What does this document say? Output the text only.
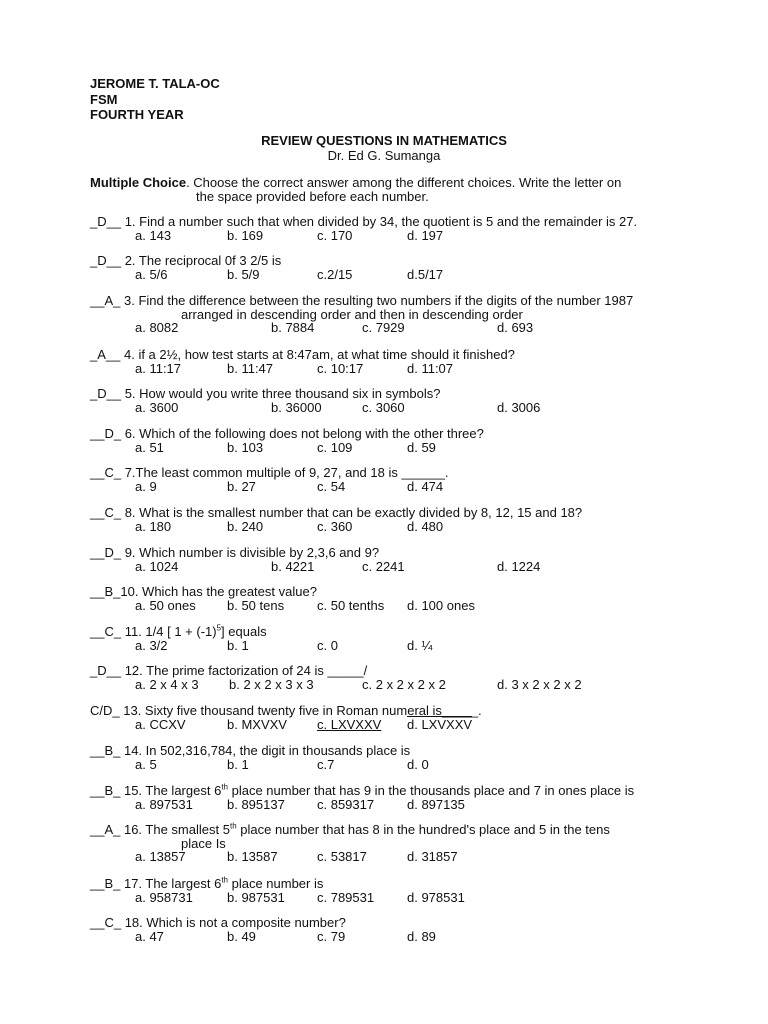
JEROME T. TALA-OC
FSM
FOURTH YEAR
REVIEW QUESTIONS IN MATHEMATICS
Dr. Ed G. Sumanga
Multiple Choice. Choose the correct answer among the different choices. Write the letter on
the space provided before each number.
_D__ 1. Find a number such that when divided by 34, the quotient is 5 and the remainder is 27.
a. 143	b. 169	c. 170	d. 197
_D__ 2. The reciprocal 0f 3 2/5 is
a. 5/6	b. 5/9	c.2/15	d.5/17
__A_ 3. Find the difference between the resulting two numbers if the digits of the number 1987
arranged in descending order and then in descending order
a. 8082	b. 7884	c. 7929	d. 693
_A__ 4. if a 2½, how test starts at 8:47am, at what time should it finished?
a. 11:17	b. 11:47	c. 10:17	d. 11:07
_D__ 5. How would you write three thousand six in symbols?
a. 3600	b. 36000	c. 3060	d. 3006
__D_ 6. Which of the following does not belong with the other three?
a. 51	b. 103	c. 109	d. 59
__C_ 7.The least common multiple of 9, 27, and 18 is ______.
a. 9	b. 27	c. 54	d. 474
__C_ 8. What is the smallest number that can be exactly divided by 8, 12, 15 and 18?
a. 180	b. 240	c. 360	d. 480
__D_ 9. Which number is divisible by 2,3,6 and 9?
a. 1024	b. 4221	c. 2241	d. 1224
__B_10. Which has the greatest value?
a. 50 ones b. 50 tens	c. 50 tenths d. 100 ones
__C_ 11. 1/4 [ $1 + (-1)^5$] equals
a. 3/2	b. 1	c. 0	d. ¼
_D__ 12. The prime factorization of 24 is _____/
a. 2 x 4 x 3 b. 2 x 2 x 3 x 3	c. 2 x 2 x 2 x 2	d. 3 x 2 x 2 x 2
C/D_ 13. Sixty five thousand twenty five in Roman numeral is_____.
a. CCXV	b. MXVXV c. LXVXXV d. LXVXXV
__B_ 14. In 502,316,784, the digit in thousands place is
a. 5	b. 1	c.7	d. 0
__B_ 15. The largest 6th place number that has 9 in the thousands place and 7 in ones place is
a. 897531	b. 895137 c. 859317	d. 897135
__A_ 16. The smallest 5th place number that has 8 in the hundred's place and 5 in the tens
place Is
a. 13857	b. 13587	c. 53817	d. 31857
__B_ 17. The largest 6th place number is
a. 958731	b. 987531 c. 789531	d. 978531
__C_ 18. Which is not a composite number?
a. 47	b. 49	c. 79	d. 89
